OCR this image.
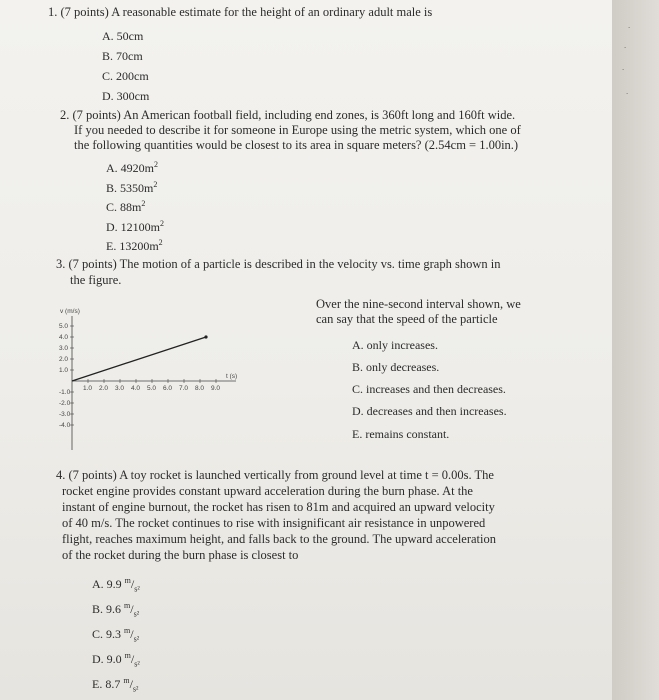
1. (7 points) A reasonable estimate for the height of an ordinary adult male is
A. 50cm
B. 70cm
C. 200cm
D. 300cm
2. (7 points) An American football field, including end zones, is 360ft long and 160ft wide.
If you needed to describe it for someone in Europe using the metric system, which one of
the following quantities would be closest to its area in square meters? (2.54cm = 1.00in.)
A. $4920m^2$
B. $5350m^2$
C. $88m^2$
D. $12100m^2$
E. $13200m^2$
3. (7 points) The motion of a particle is described in the velocity vs. time graph shown in
the figure.
v (m/s)
t (s)
5.0
4.0
3.0
2.0
1.0
-1.0
-2.0
-3.0
-4.0
1.0 2.0 3.0 4.0 5.0 6.0 7.0 8.0 9.0
Over the nine-second interval shown, we
can say that the speed of the particle
A. only increases.
B. only decreases.
C. increases and then decreases.
D. decreases and then increases.
E. remains constant.
4. (7 points) A toy rocket is launched vertically from ground level at time t = 0.00s. The
rocket engine provides constant upward acceleration during the burn phase. At the
instant of engine burnout, the rocket has risen to 81m and acquired an upward velocity
of 40 m/s. The rocket continues to rise with insignificant air resistance in unpowered
flight, reaches maximum height, and falls back to the ground. The upward acceleration
of the rocket during the burn phase is closest to
A. 9.9 $^m/_{s^2}$
B. 9.6 $^m/_{s^2}$
C. 9.3 $^m/_{s^2}$
D. 9.0 $^m/_{s^2}$
E. 8.7 $^m/_{s^2}$
·
·
·
·
